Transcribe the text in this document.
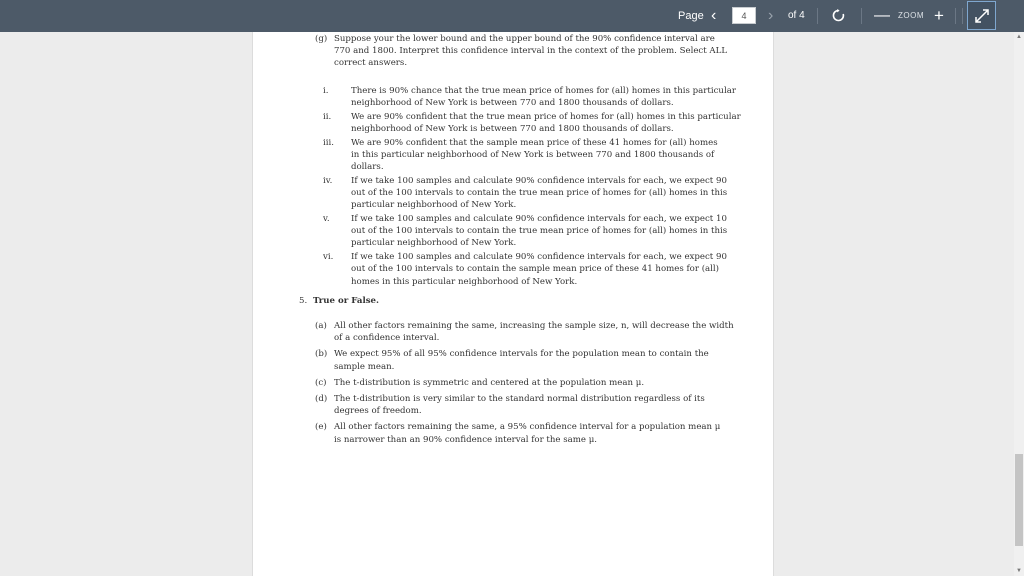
Page ‹
4	› of 4	— ZOOM +
(g) Suppose your the lower bound and the upper bound of the 90% confidence interval are
770 and 1800. Interpret this confidence interval in the context of the problem. Select ALL
correct answers.
i.	There is 90% chance that the true mean price of homes for (all) homes in this particular
neighborhood of New York is between 770 and 1800 thousands of dollars.
ii.	We are 90% confident that the true mean price of homes for (all) homes in this particular
neighborhood of New York is between 770 and 1800 thousands of dollars.
iii.	We are 90% confident that the sample mean price of these 41 homes for (all) homes
in this particular neighborhood of New York is between 770 and 1800 thousands of
dollars.
iv.	If we take 100 samples and calculate 90% confidence intervals for each, we expect 90
out of the 100 intervals to contain the true mean price of homes for (all) homes in this
particular neighborhood of New York.
v.	If we take 100 samples and calculate 90% confidence intervals for each, we expect 10
out of the 100 intervals to contain the true mean price of homes for (all) homes in this
particular neighborhood of New York.
vi.	If we take 100 samples and calculate 90% confidence intervals for each, we expect 90
out of the 100 intervals to contain the sample mean price of these 41 homes for (all)
homes in this particular neighborhood of New York.
5. True or False.
(a) All other factors remaining the same, increasing the sample size, n, will decrease the width
of a confidence interval.
(b) We expect 95% of all 95% confidence intervals for the population mean to contain the
sample mean.
(c) The t-distribution is symmetric and centered at the population mean μ.
(d) The t-distribution is very similar to the standard normal distribution regardless of its
degrees of freedom.
(e) All other factors remaining the same, a 95% confidence interval for a population mean μ
is narrower than an 90% confidence interval for the same μ.
▲
▼
